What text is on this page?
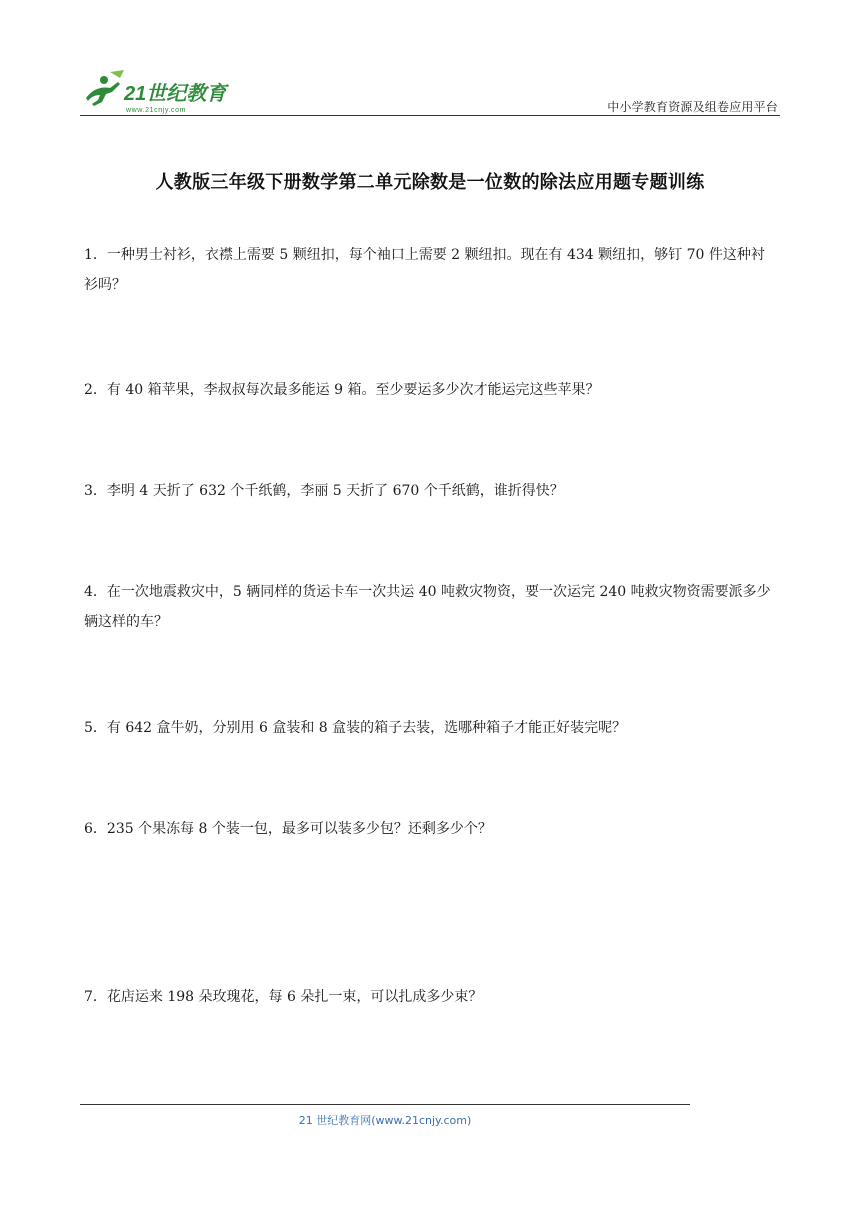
21世纪教育
www.21cnjy.com	中小学教育资源及组卷应用平台
人教版三年级下册数学第二单元除数是一位数的除法应用题专题训练
1．一种男士衬衫，衣襟上需要 5 颗纽扣，每个袖口上需要 2 颗纽扣。现在有 434 颗纽扣，够钉 70 件这种衬衫吗？
2．有 40 箱苹果，李叔叔每次最多能运 9 箱。至少要运多少次才能运完这些苹果？
3．李明 4 天折了 632 个千纸鹤，李丽 5 天折了 670 个千纸鹤，谁折得快？
4．在一次地震救灾中，5 辆同样的货运卡车一次共运 40 吨救灾物资，要一次运完 240 吨救灾物资需要派多少辆这样的车？
5．有 642 盒牛奶，分别用 6 盒装和 8 盒装的箱子去装，选哪种箱子才能正好装完呢？
6．235 个果冻每 8 个装一包，最多可以装多少包？还剩多少个？
7．花店运来 198 朵玫瑰花，每 6 朵扎一束，可以扎成多少束？
21 世纪教育网(www.21cnjy.com)
